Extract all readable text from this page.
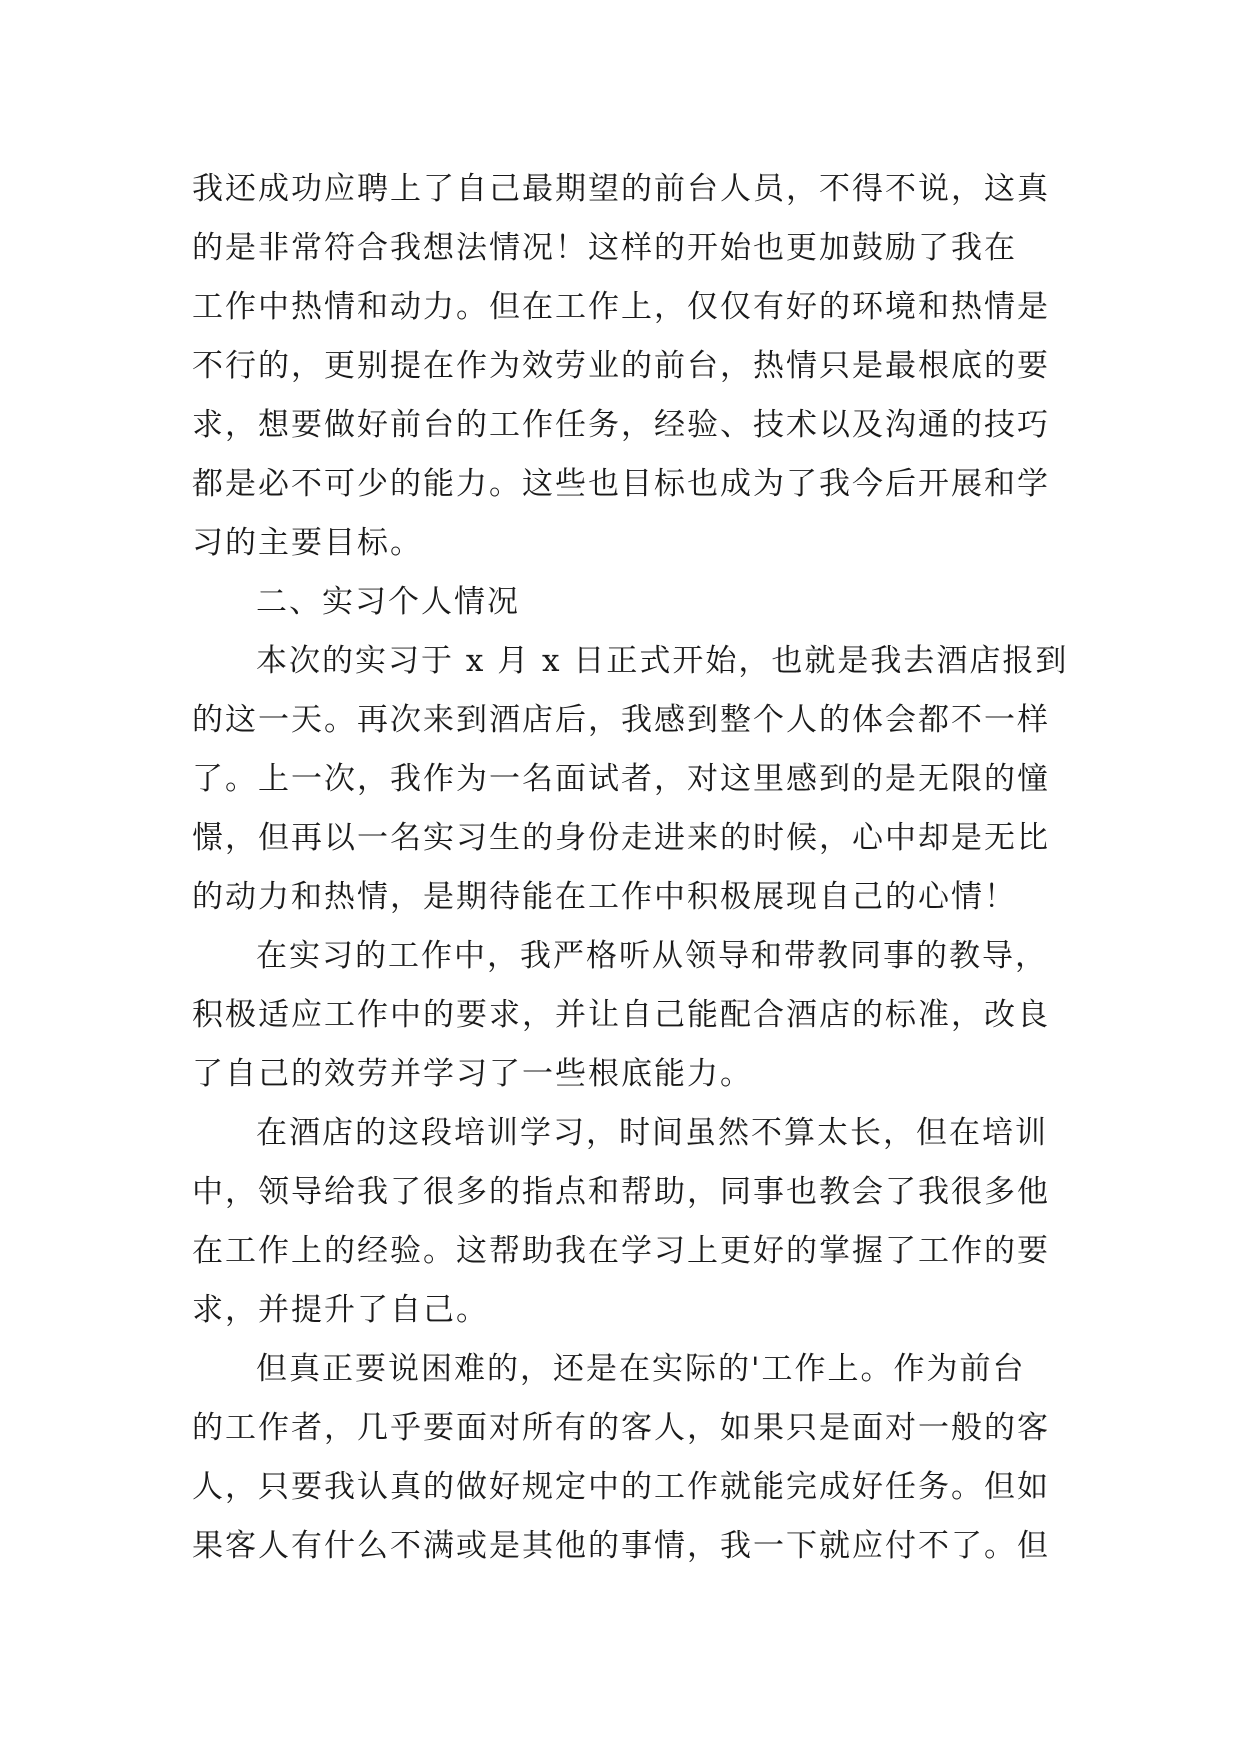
我还成功应聘上了自己最期望的前台人员，不得不说，这真
的是非常符合我想法情况！这样的开始也更加鼓励了我在
工作中热情和动力。但在工作上，仅仅有好的环境和热情是
不行的，更别提在作为效劳业的前台，热情只是最根底的要
求，想要做好前台的工作任务，经验、技术以及沟通的技巧
都是必不可少的能力。这些也目标也成为了我今后开展和学
习的主要目标。
二、实习个人情况
本次的实习于 x 月 x 日正式开始，也就是我去酒店报到
的这一天。再次来到酒店后，我感到整个人的体会都不一样
了。上一次，我作为一名面试者，对这里感到的是无限的憧
憬，但再以一名实习生的身份走进来的时候，心中却是无比
的动力和热情，是期待能在工作中积极展现自己的心情！
在实习的工作中，我严格听从领导和带教同事的教导，
积极适应工作中的要求，并让自己能配合酒店的标准，改良
了自己的效劳并学习了一些根底能力。
在酒店的这段培训学习，时间虽然不算太长，但在培训
中，领导给我了很多的指点和帮助，同事也教会了我很多他
在工作上的经验。这帮助我在学习上更好的掌握了工作的要
求，并提升了自己。
但真正要说困难的，还是在实际的'工作上。作为前台
的工作者，几乎要面对所有的客人，如果只是面对一般的客
人，只要我认真的做好规定中的工作就能完成好任务。但如
果客人有什么不满或是其他的事情，我一下就应付不了。但
